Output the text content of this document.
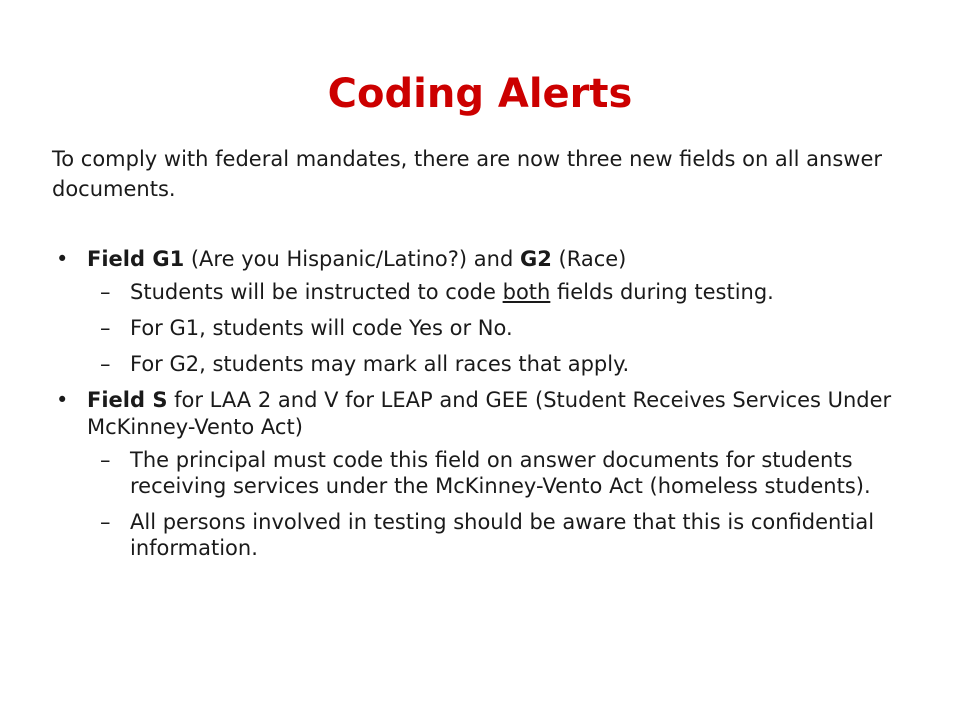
Coding Alerts

To comply with federal mandates, there are now three new fields on all answer documents.

• Field G1 (Are you Hispanic/Latino?) and G2 (Race)
– Students will be instructed to code both fields during testing.
– For G1, students will code Yes or No.
– For G2, students may mark all races that apply.
• Field S for LAA 2 and V for LEAP and GEE (Student Receives Services Under McKinney-Vento Act)
– The principal must code this field on answer documents for students receiving services under the McKinney-Vento Act (homeless students).
– All persons involved in testing should be aware that this is confidential information.
